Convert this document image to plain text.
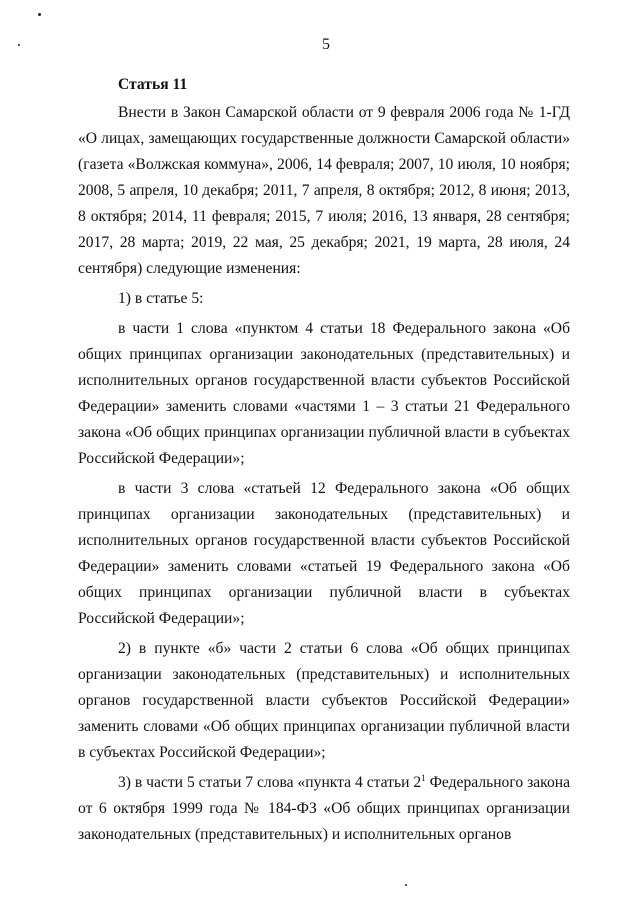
5
Статья 11

Внести в Закон Самарской области от 9 февраля 2006 года № 1-ГД «О лицах, замещающих государственные должности Самарской области» (газета «Волжская коммуна», 2006, 14 февраля; 2007, 10 июля, 10 ноября; 2008, 5 апреля, 10 декабря; 2011, 7 апреля, 8 октября; 2012, 8 июня; 2013, 8 октября; 2014, 11 февраля; 2015, 7 июля; 2016, 13 января, 28 сентября; 2017, 28 марта; 2019, 22 мая, 25 декабря; 2021, 19 марта, 28 июля, 24 сентября) следующие изменения:

1) в статье 5:

в части 1 слова «пунктом 4 статьи 18 Федерального закона «Об общих принципах организации законодательных (представительных) и исполнительных органов государственной власти субъектов Российской Федерации» заменить словами «частями 1 – 3 статьи 21 Федерального закона «Об общих принципах организации публичной власти в субъектах Российской Федерации»;

в части 3 слова «статьей 12 Федерального закона «Об общих принципах организации законодательных (представительных) и исполнительных органов государственной власти субъектов Российской Федерации» заменить словами «статьей 19 Федерального закона «Об общих принципах организации публичной власти в субъектах Российской Федерации»;

2) в пункте «б» части 2 статьи 6 слова «Об общих принципах организации законодательных (представительных) и исполнительных органов государственной власти субъектов Российской Федерации» заменить словами «Об общих принципах организации публичной власти в субъектах Российской Федерации»;

3) в части 5 статьи 7 слова «пункта 4 статьи $2^1$ Федерального закона от 6 октября 1999 года № 184-ФЗ «Об общих принципах организации законодательных (представительных) и исполнительных органов
